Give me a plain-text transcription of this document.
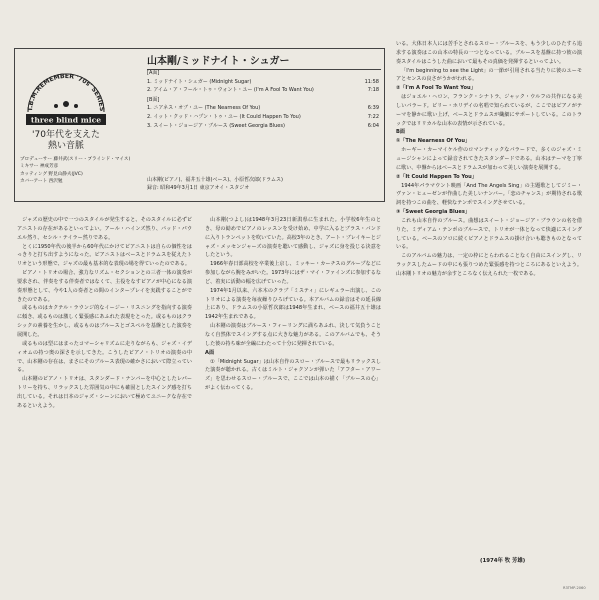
T.B.M.REMEMBER '70s' SERIES
three blind mice
'70年代を支えた
熱い音脈
プロデューサー 藤井武(スリー・ブラインド・マイス)
ミキサー 神成芳彦
カッティング 野見山静夫(JVC)
カバーアート 西沢勉
山本剛/ミッドナイト・シュガー
[A面]
1. ミッドナイト・シュガー (Midnight Sugar)	11:58
2. アイム・ア・フール・トゥ・ウォント・ユー (I'm A Fool To Want You)	7:18
[B面]
1. ニアネス・オブ・ユー (The Nearness Of You)	6:39
2. イット・クッド・ハプン・トゥ・ユー (It Could Happen To You)	7:22
3. スイート・ジョージア・ブルース (Sweet Georgia Blues)	6:04
山本剛(ピアノ)、福井五十雄(ベース)、小原哲次郎(ドラムス)
録音: 昭和49年3月1日 東京アオイ・スタジオ

ジャズの歴史の中で一つのスタイルが発生すると、そのスタイルに必ずピアニストの存在があるといってよい。アール・ハインズ然り、バッド・パウエル然り、セシル・テイラー然りである。

とくに1950年代の後半から60年代にかけてピアニストは自らの個性をはっきりと打ち出すようになった。ピアニストはベースとドラムスを従えたトリオという形態で、ジャズの最も基本的な表現の場を得ていったのである。

ピアノ・トリオの場合、強力なリズム・セクションとの三者一体の演奏が要求され、伴奏をする伴奏者ではなくて、主役をなすピアノが中心になる演奏形態として、今や1人の奏者との間のインタープレイを実践することができたのである。

或るものはカクテル・ラウンジ的なイージー・リスニングを指向する演奏に傾き、或るものは激しく緊張感にあふれた表現をとった。或るものはクラシックの素養を生かし、或るものはブルースとゴスペルを基盤とした演奏を展開した。

或るものは型にはまったコマーシャリズムに走りながらも、ジャズ・イディオムの持つ奥の深さを示してきた。こうしたピアノ・トリオの演奏の中で、山本剛の存在は、まさにそのブルース表現の確かさにおいて際立っている。

山本剛のピアノ・トリオは、スタンダード・ナンバーを中心としたレパートリーを持ち、リラックスした雰囲気の中にも確固としたスイング感を打ち出している。それは日本のジャズ・シーンにおいて極めてユニークな存在であるといえよう。

山本剛(つよし)は1948年3月23日新潟県に生まれた。小学校6年生のとき、母の勧めでピアノのレッスンを受け始め、中学に入るとブラス・バンドに入りトランペットを吹いていた。高校3年のとき、アート・ブレイキーとジャズ・メッセンジャーズの演奏を聴いて感動し、ジャズに身を投じる決意をしたという。

1966年春日部高校を卒業後上京し、ミッキー・カーチスのグループなどに参加しながら腕をみがいた。1973年にはザ・マイ・ファインズに参加するなど、着実に活動の幅を広げていった。

1974年1月以来、六本木のクラブ「ミスティ」にレギュラー出演し、このトリオによる演奏を毎夜繰りひろげている。本アルバムの録音はその延長線上にあり、ドラムスの小原哲次郎は1948年生まれ、ベースの福井五十雄は1942年生まれである。

山本剛の演奏はブルース・フィーリングに満ちあふれ、決して気負うことなく自然体でスイングする点に大きな魅力がある。このアルバムでも、そうした彼の持ち味が全編にわたって十分に発揮されている。

A面

①「Midnight Sugar」は山本自作のスロー・ブルースで最もリラックスした演奏が聴かれる。古くはミルト・ジャクソンが弾いた「アフター・アワーズ」を思わせるスロー・ブルースで、ここでは山本の描く「ブルースの心」がよく伝わってくる。

いる。大体日本人には苦手とされるスロー・ブルースを、もう少しのひたすら追求する演奏はこの山本の特長の一つとなっている。ブルースを基盤に持つ彼の演奏スタイルはこうした曲において最もその真価を発揮するといってよい。

「I'm beginning to see the Light」の一節が引用される当たりに彼のユーモアとセンスの良さがうかがわれる。

②「I'm A Fool To Want You」

はジョエル・ヘロン、フランク・シナトラ、ジャック・ウルフの共作になる美しいバラード。ビリー・ホリデイの名唱で知られているが、ここではピアノがテーマを静かに歌い上げ、ベースとドラムスが繊細にサポートしている。このトラックではリリカルな山本の表情が示されている。

B面

①「The Nearness Of You」

ホーギー・カーマイケル作のロマンティックなバラードで、多くのジャズ・ミュージシャンによって録音されてきたスタンダードである。山本はテーマを丁寧に歌い、中盤からはベースとドラムスが加わって美しい演奏を展開する。

②「It Could Happen To You」

1944年パラマウント映画「And The Angels Sing」の主題歌としてジミー・ヴァン・ヒューゼンが作曲した美しいナンバー。「恋のチャンス」が期待される歌詞を持つこの曲を、軽快なテンポでスイングさせている。

③「Sweet Georgia Blues」

これも山本自作のブルース。曲想はスイート・ジョージア・ブラウンの名を借りた、ミディアム・テンポのブルースで、トリオが一体となって快適にスイングしている。ベースのソロに続くピアノとドラムスの掛け合いも聴きものとなっている。

このアルバムの魅力は、一定の枠にとらわれることなく自由にスイングし、リラックスしたムードの中にも張りつめた緊張感を持つところにあるといえよう。山本剛トリオの魅力が余すところなく伝えられた一枚である。

(1974年 牧 芳雄)
R3TMP-2060
